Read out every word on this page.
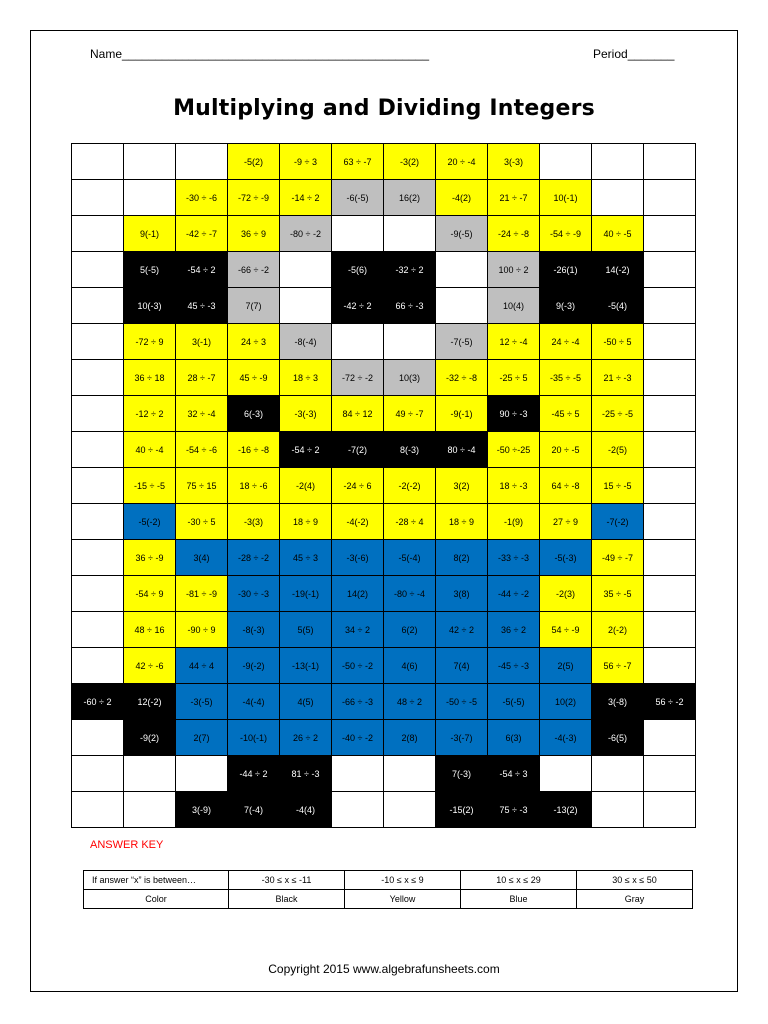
Name______________________________________________	Period_______
Multiplying and Dividing Integers
			-5(2)	-9 ÷ 3	63 ÷ -7	-3(2)	20 ÷ -4	3(-3)			
		-30 ÷ -6	-72 ÷ -9	-14 ÷ 2	-6(-5)	16(2)	-4(2)	21 ÷ -7	10(-1)		
	9(-1)	-42 ÷ -7	36 ÷ 9	-80 ÷ -2			-9(-5)	-24 ÷ -8	-54 ÷ -9	40 ÷ -5	
	5(-5)	-54 ÷ 2	-66 ÷ -2		-5(6)	-32 ÷ 2		100 ÷ 2	-26(1)	14(-2)	
	10(-3)	45 ÷ -3	7(7)		-42 ÷ 2	66 ÷ -3		10(4)	9(-3)	-5(4)	
	-72 ÷ 9	3(-1)	24 ÷ 3	-8(-4)			-7(-5)	12 ÷ -4	24 ÷ -4	-50 ÷ 5	
	36 ÷ 18	28 ÷ -7	45 ÷ -9	18 ÷ 3	-72 ÷ -2	10(3)	-32 ÷ -8	-25 ÷ 5	-35 ÷ -5	21 ÷ -3	
	-12 ÷ 2	32 ÷ -4	6(-3)	-3(-3)	84 ÷ 12	49 ÷ -7	-9(-1)	90 ÷ -3	-45 ÷ 5	-25 ÷ -5	
	40 ÷ -4	-54 ÷ -6	-16 ÷ -8	-54 ÷ 2	-7(2)	8(-3)	80 ÷ -4	-50 ÷-25	20 ÷ -5	-2(5)	
	-15 ÷ -5	75 ÷ 15	18 ÷ -6	-2(4)	-24 ÷ 6	-2(-2)	3(2)	18 ÷ -3	64 ÷ -8	15 ÷ -5	
	-5(-2)	-30 ÷ 5	-3(3)	18 ÷ 9	-4(-2)	-28 ÷ 4	18 ÷ 9	-1(9)	27 ÷ 9	-7(-2)	
	36 ÷ -9	3(4)	-28 ÷ -2	45 ÷ 3	-3(-6)	-5(-4)	8(2)	-33 ÷ -3	-5(-3)	-49 ÷ -7	
	-54 ÷ 9	-81 ÷ -9	-30 ÷ -3	-19(-1)	14(2)	-80 ÷ -4	3(8)	-44 ÷ -2	-2(3)	35 ÷ -5	
	48 ÷ 16	-90 ÷ 9	-8(-3)	5(5)	34 ÷ 2	6(2)	42 ÷ 2	36 ÷ 2	54 ÷ -9	2(-2)	
	42 ÷ -6	44 ÷ 4	-9(-2)	-13(-1)	-50 ÷ -2	4(6)	7(4)	-45 ÷ -3	2(5)	56 ÷ -7	
-60 ÷ 2	12(-2)	-3(-5)	-4(-4)	4(5)	-66 ÷ -3	48 ÷ 2	-50 ÷ -5	-5(-5)	10(2)	3(-8)	56 ÷ -2
	-9(2)	2(7)	-10(-1)	26 ÷ 2	-40 ÷ -2	2(8)	-3(-7)	6(3)	-4(-3)	-6(5)	
			-44 ÷ 2	81 ÷ -3			7(-3)	-54 ÷ 3			
		3(-9)	7(-4)	-4(4)			-15(2)	75 ÷ -3	-13(2)		
ANSWER KEY
If answer “x” is between…	-30 ≤ x ≤ -11	-10 ≤ x ≤ 9	10 ≤ x ≤ 29	30 ≤ x ≤ 50
Color	Black	Yellow	Blue	Gray
Copyright 2015 www.algebrafunsheets.com
